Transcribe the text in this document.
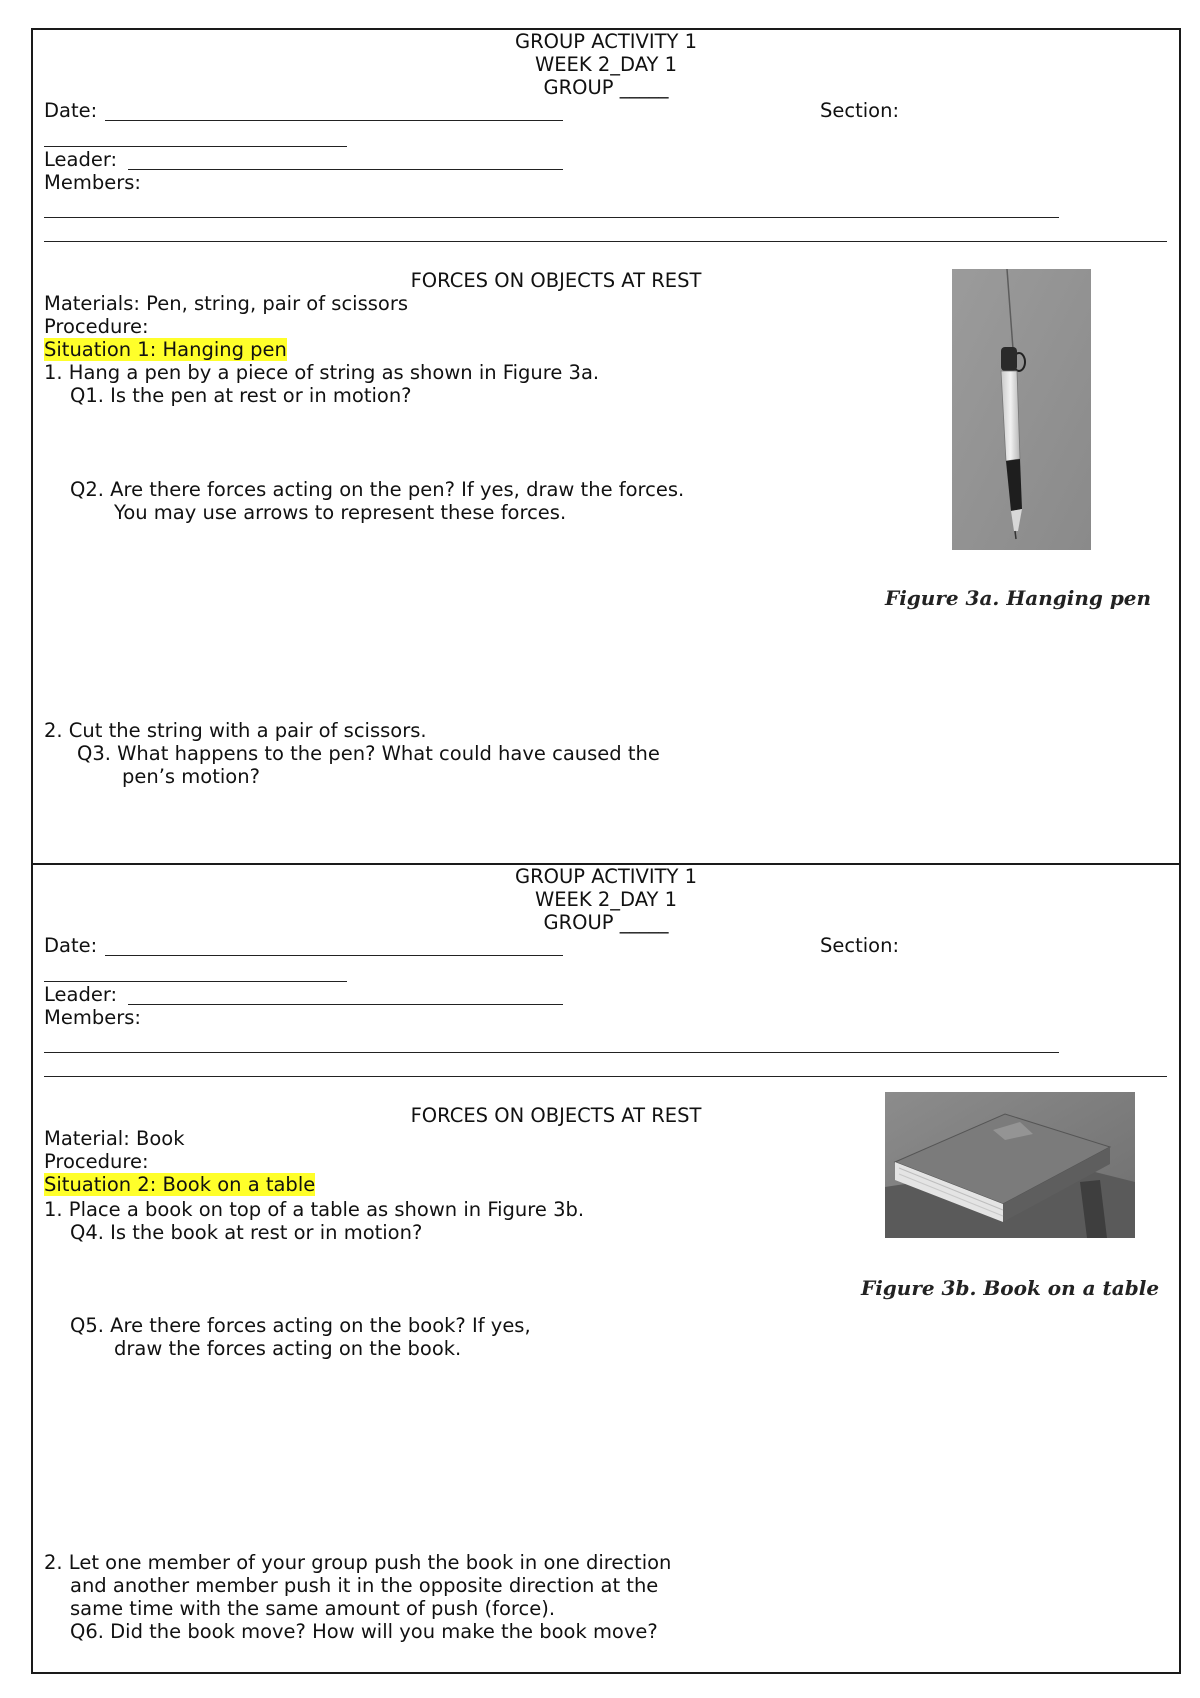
GROUP ACTIVITY 1
WEEK 2_DAY 1
GROUP _____
Date:	Section:
Leader:
Members:
FORCES ON OBJECTS AT REST
Materials: Pen, string, pair of scissors
Procedure:
Situation 1: Hanging pen
1. Hang a pen by a piece of string as shown in Figure 3a.
Q1. Is the pen at rest or in motion?
Q2. Are there forces acting on the pen? If yes, draw the forces.
You may use arrows to represent these forces.
2. Cut the string with a pair of scissors.
Q3. What happens to the pen? What could have caused the
pen’s motion?
Figure 3a. Hanging pen
GROUP ACTIVITY 1
WEEK 2_DAY 1
GROUP _____
Date:	Section:
Leader:
Members:
FORCES ON OBJECTS AT REST
Material: Book
Procedure:
Situation 2: Book on a table
1. Place a book on top of a table as shown in Figure 3b.
Q4. Is the book at rest or in motion?
Q5. Are there forces acting on the book? If yes,
draw the forces acting on the book.
2. Let one member of your group push the book in one direction
and another member push it in the opposite direction at the
same time with the same amount of push (force).
Q6. Did the book move? How will you make the book move?
Figure 3b. Book on a table
